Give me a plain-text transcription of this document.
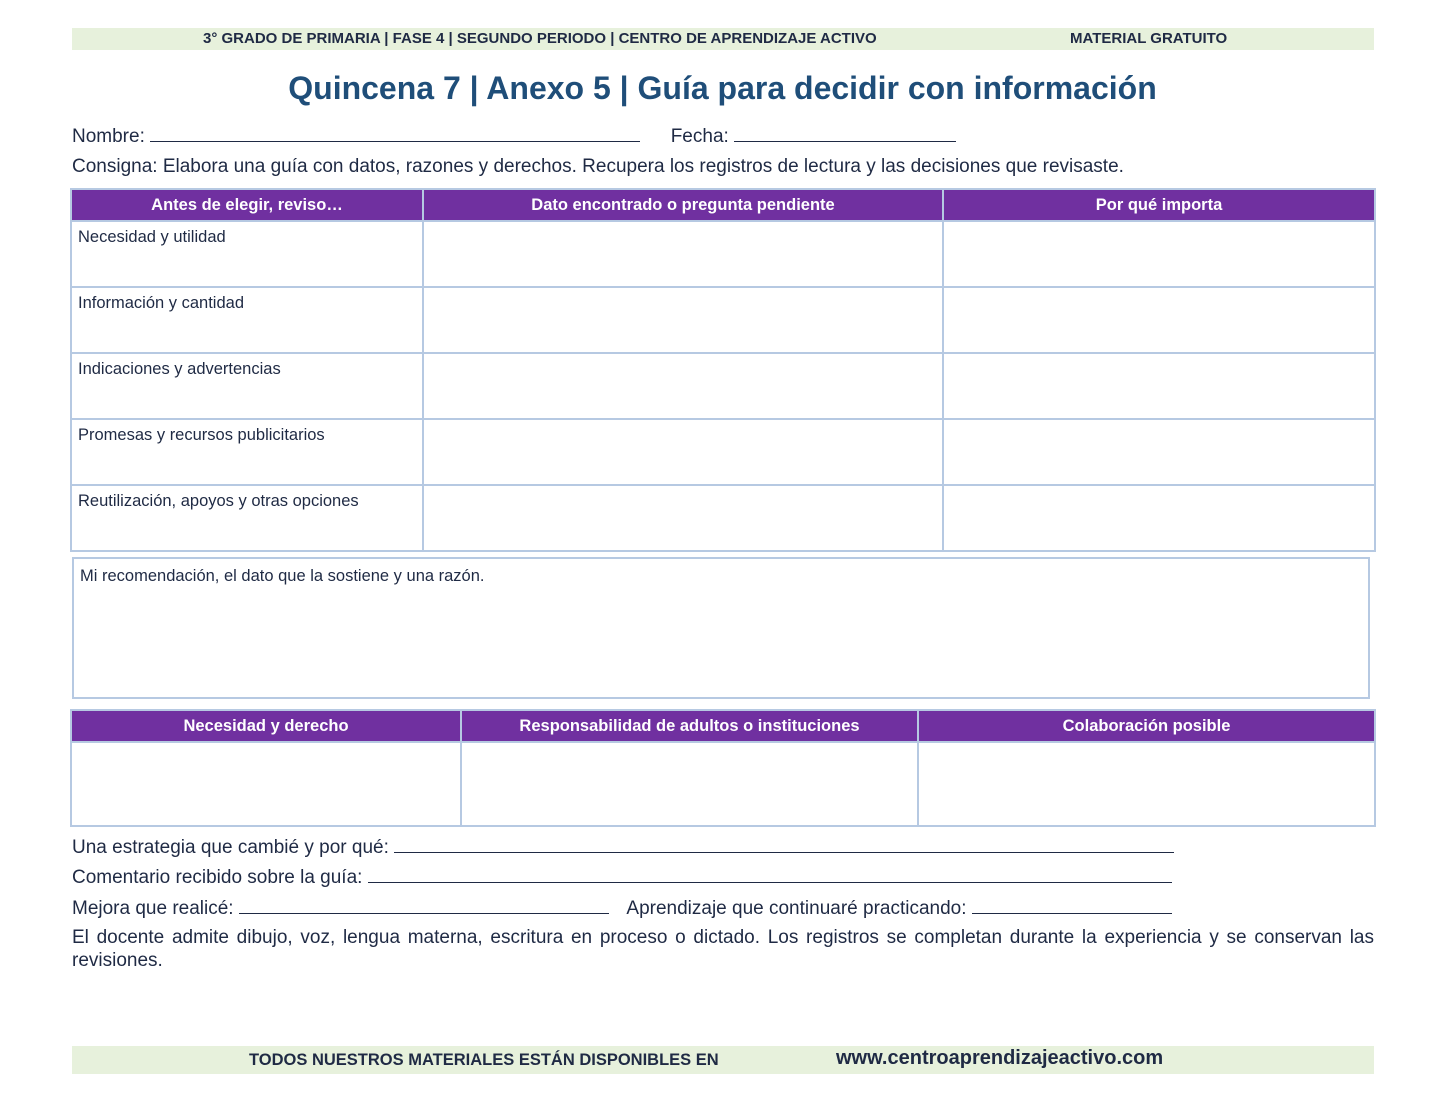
3° GRADO DE PRIMARIA | FASE 4 | SEGUNDO PERIODO | CENTRO DE APRENDIZAJE ACTIVO	MATERIAL GRATUITO
Quincena 7 | Anexo 5 | Guía para decidir con información
Nombre:	Fecha:
Consigna: Elabora una guía con datos, razones y derechos. Recupera los registros de lectura y las decisiones que revisaste.
Antes de elegir, reviso…	Dato encontrado o pregunta pendiente	Por qué importa
Necesidad y utilidad		
Información y cantidad		
Indicaciones y advertencias		
Promesas y recursos publicitarios		
Reutilización, apoyos y otras opciones		
Mi recomendación, el dato que la sostiene y una razón.
Necesidad y derecho	Responsabilidad de adultos o instituciones	Colaboración posible

Una estrategia que cambié y por qué:
Comentario recibido sobre la guía:
Mejora que realicé:	Aprendizaje que continuaré practicando:
El docente admite dibujo, voz, lengua materna, escritura en proceso o dictado. Los registros se completan durante la experiencia y se conservan las revisiones.
TODOS NUESTROS MATERIALES ESTÁN DISPONIBLES EN	www.centroaprendizajeactivo.com
